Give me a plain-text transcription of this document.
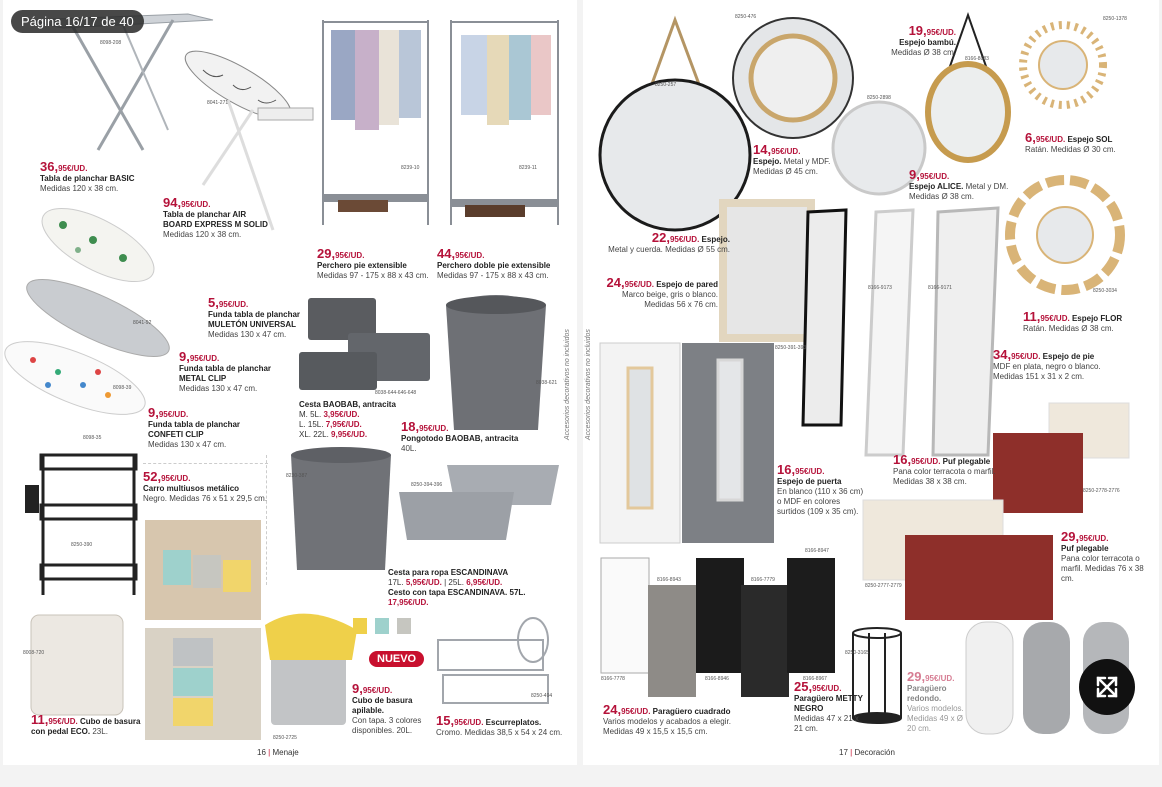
Página 16/17 de 40
8098-208
8041-271
8239-10	8239-11
8041-92
8098-39
8098-35
8038-644-646-648
8038-621
8250-390
8250-394-396
8230-387
8008-720
8250-2725
8250-494
36,95€/UD.
Tabla de planchar BASIC
Medidas 120 x 38 cm.
94,95€/UD.
Tabla de planchar AIR BOARD EXPRESS M SOLID
Medidas 120 x 38 cm.
5,95€/UD.
Funda tabla de planchar MULETÓN UNIVERSAL
Medidas 130 x 47 cm.
9,95€/UD.
Funda tabla de planchar METAL CLIP
Medidas 130 x 47 cm.
9,95€/UD.
Funda tabla de planchar CONFETI CLIP
Medidas 130 x 47 cm.
29,95€/UD.
Perchero pie extensible
Medidas 97 - 175 x 88 x 43 cm.
44,95€/UD.
Perchero doble pie extensible
Medidas 97 - 175 x 88 x 43 cm.
52,95€/UD.
Carro multiusos metálico
Negro. Medidas 76 x 51 x 29,5 cm.
Cesta BAOBAB, antracita
M. 5L. 3,95€/UD.
L. 15L. 7,95€/UD.
XL. 22L. 9,95€/UD.
18,95€/UD.
Pongotodo BAOBAB, antracita
40L.
Cesta para ropa ESCANDINAVA
17L. 5,95€/UD. | 25L. 6,95€/UD.
Cesto con tapa ESCANDINAVA. 57L. 17,95€/UD.
11,95€/UD. Cubo de basura con pedal ECO. 23L.
9,95€/UD.
Cubo de basura apilable.
Con tapa. 3 colores disponibles. 20L.
15,95€/UD. Escurreplatos.
Cromo. Medidas 38,5 x 54 x 24 cm.
NUEVO
Accesorios decorativos no incluidos
16 | Menaje
Accesorios decorativos no incluidos
8250-257
8250-476
8250-2898
8166-8083
8250-1378
8250-3034
8166-9173	8166-9171
8250-391-393
8250-2778-2776
8250-2777-2779
8166-8947
8166-8943
8166-7778
8166-7779
8166-8946	8166-8967
8250-3165
22,95€/UD. Espejo.
Metal y cuerda. Medidas Ø 55 cm.
14,95€/UD.
Espejo. Metal y MDF. Medidas Ø 45 cm.
19,95€/UD.
Espejo bambú.
Medidas Ø 38 cm.
9,95€/UD.
Espejo ALICE. Metal y DM. Medidas Ø 38 cm.
6,95€/UD. Espejo SOL
Ratán. Medidas Ø 30 cm.
11,95€/UD. Espejo FLOR
Ratán. Medidas Ø 38 cm.
24,95€/UD. Espejo de pared
Marco beige, gris o blanco. Medidas 56 x 76 cm.
34,95€/UD. Espejo de pie
MDF en plata, negro o blanco. Medidas 151 x 31 x 2 cm.
16,95€/UD.
Espejo de puerta
En blanco (110 x 36 cm) o MDF en colores surtidos (109 x 35 cm).
16,95€/UD. Puf plegable
Pana color terracota o marfil. Medidas 38 x 38 cm.
29,95€/UD.
Puf plegable
Pana color terracota o marfil. Medidas 76 x 38 cm.
24,95€/UD. Paragüero cuadrado
Varios modelos y acabados a elegir. Medidas 49 x 15,5 x 15,5 cm.
25,95€/UD.
Paragüero METTY NEGRO
Medidas 47 x 21 x 21 cm.
29,95€/UD.
Paragüero redondo.
Varios modelos. Medidas 49 x Ø 20 cm.
17 | Decoración
